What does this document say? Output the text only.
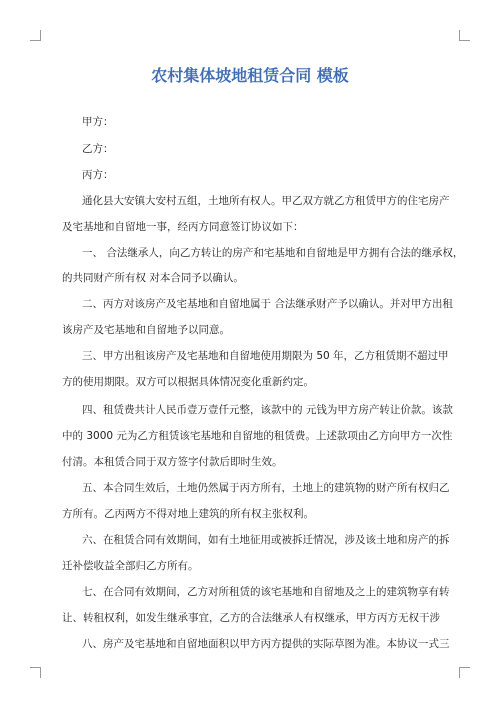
农村集体坡地租赁合同 模板
甲方：
乙方：
丙方：
通化县大安镇大安村五组，土地所有权人。甲乙双方就乙方租赁甲方的住宅房产
及宅基地和自留地一事，经丙方同意签订协议如下：
一、 合法继承人，向乙方转让的房产和宅基地和自留地是甲方拥有合法的继承权，
的共同财产所有权 对本合同予以确认。
二、丙方对该房产及宅基地和自留地属于 合法继承财产予以确认。并对甲方出租
该房产及宅基地和自留地予以同意。
三、甲方出租该房产及宅基地和自留地使用期限为 50 年，乙方租赁期不超过甲
方的使用期限。双方可以根据具体情况变化重新约定。
四、租赁费共计人民币壹万壹仟元整，该款中的 元钱为甲方房产转让价款。该款
中的 3000 元为乙方租赁该宅基地和自留地的租赁费。上述款项由乙方向甲方一次性
付清。本租赁合同于双方签字付款后即时生效。
五、本合同生效后，土地仍然属于丙方所有，土地上的建筑物的财产所有权归乙
方所有。乙丙两方不得对地上建筑的所有权主张权利。
六、在租赁合同有效期间，如有土地征用或被拆迁情况，涉及该土地和房产的拆
迁补偿收益全部归乙方所有。
七、在合同有效期间，乙方对所租赁的该宅基地和自留地及之上的建筑物享有转
让、转租权利，如发生继承事宜，乙方的合法继承人有权继承，甲方丙方无权干涉
八、房产及宅基地和自留地面积以甲方丙方提供的实际草图为准。本协议一式三
